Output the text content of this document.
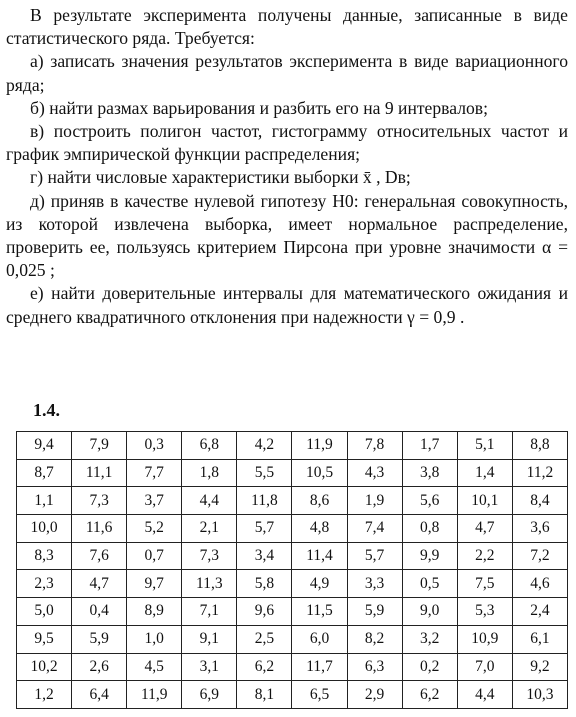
В результате эксперимента получены данные, записанные в виде статистического ряда. Требуется:

а) записать значения результатов эксперимента в виде вариационного ряда;

б) найти размах варьирования и разбить его на 9 интервалов;

в) построить полигон частот, гистограмму относительных частот и график эмпирической функции распределения;

г) найти числовые характеристики выборки x̄ , Dв;

д) приняв в качестве нулевой гипотезу H0: генеральная совокупность, из которой извлечена выборка, имеет нормальное распределение, проверить ее, пользуясь критерием Пирсона при уровне значимости α = 0,025 ;

е) найти доверительные интервалы для математического ожидания и среднего квадратичного отклонения при надежности γ = 0,9 .

1.4.
9,4	7,9	0,3	6,8	4,2	11,9	7,8	1,7	5,1	8,8
8,7	11,1	7,7	1,8	5,5	10,5	4,3	3,8	1,4	11,2
1,1	7,3	3,7	4,4	11,8	8,6	1,9	5,6	10,1	8,4
10,0	11,6	5,2	2,1	5,7	4,8	7,4	0,8	4,7	3,6
8,3	7,6	0,7	7,3	3,4	11,4	5,7	9,9	2,2	7,2
2,3	4,7	9,7	11,3	5,8	4,9	3,3	0,5	7,5	4,6
5,0	0,4	8,9	7,1	9,6	11,5	5,9	9,0	5,3	2,4
9,5	5,9	1,0	9,1	2,5	6,0	8,2	3,2	10,9	6,1
10,2	2,6	4,5	3,1	6,2	11,7	6,3	0,2	7,0	9,2
1,2	6,4	11,9	6,9	8,1	6,5	2,9	6,2	4,4	10,3
